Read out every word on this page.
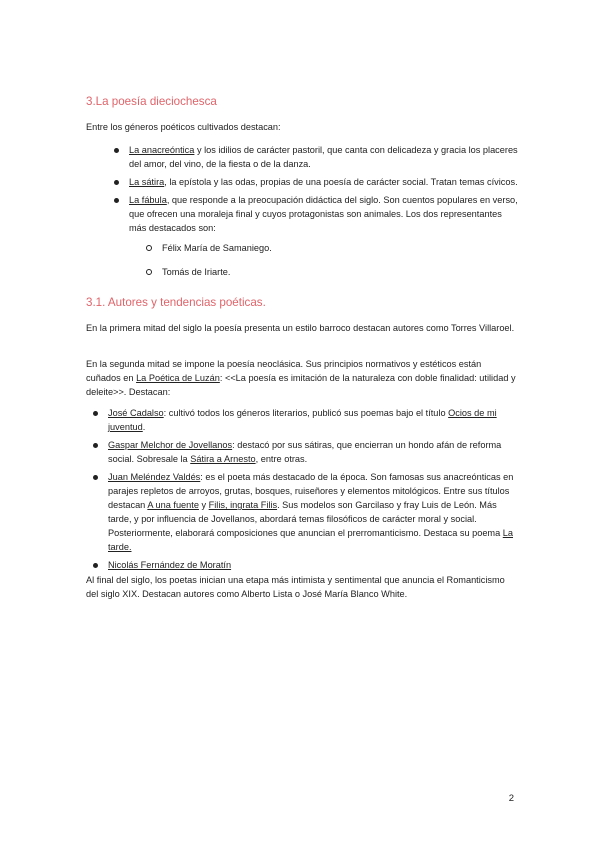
3.La poesía dieciochesca
Entre los géneros poéticos cultivados destacan:
La anacreóntica y los idilios de carácter pastoril, que canta con delicadeza y gracia los placeres del amor, del vino, de la fiesta o de la danza.
La sátira, la epístola y las odas, propias de una poesía de carácter social. Tratan temas cívicos.
La fábula, que responde a la preocupación didáctica del siglo. Son cuentos populares en verso, que ofrecen una moraleja final y cuyos protagonistas son animales. Los dos representantes más destacados son:
Félix María de Samaniego.
Tomás de Iriarte.
3.1. Autores y tendencias poéticas.
En la primera mitad del siglo la poesía presenta un estilo barroco destacan autores como Torres Villaroel.
En la segunda mitad se impone la poesía neoclásica. Sus principios normativos y estéticos están cuñados en La Poética de Luzán: <<La poesía es imitación de la naturaleza con doble finalidad: utilidad y deleite>>. Destacan:
José Cadalso: cultivó todos los géneros literarios, publicó sus poemas bajo el título Ocios de mi juventud.
Gaspar Melchor de Jovellanos: destacó por sus sátiras, que encierran un hondo afán de reforma social. Sobresale la Sátira a Arnesto, entre otras.
Juan Meléndez Valdés: es el poeta más destacado de la época. Son famosas sus anacreónticas en parajes repletos de arroyos, grutas, bosques, ruiseñores y elementos mitológicos. Entre sus títulos destacan A una fuente y Filis, ingrata Filis. Sus modelos son Garcilaso y fray Luis de León. Más tarde, y por influencia de Jovellanos, abordará temas filosóficos de carácter moral y social. Posteriormente, elaborará composiciones que anuncian el prerromanticismo. Destaca su poema La tarde.
Nicolás Fernández de Moratín
Al final del siglo, los poetas inician una etapa más intimista y sentimental que anuncia el Romanticismo del siglo XIX. Destacan autores como Alberto Lista o José María Blanco White.
2
